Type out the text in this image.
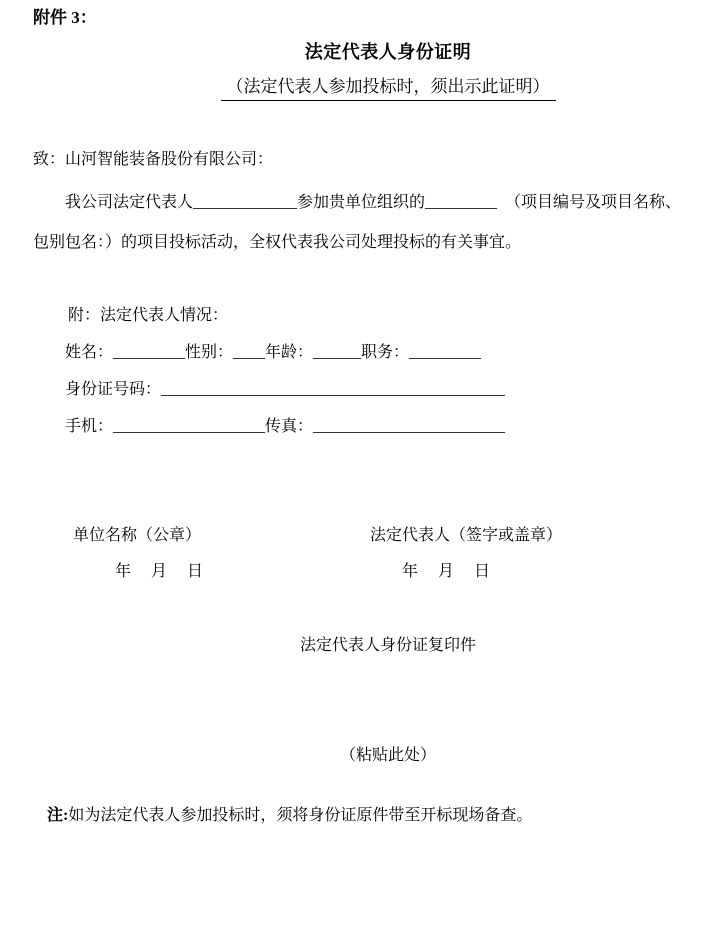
附件 3：
法定代表人身份证明
（法定代表人参加投标时，须出示此证明）
致：山河智能装备股份有限公司：
我公司法定代表人_____________参加贵单位组织的_________　（项目编号及项目名称、
包别包名：）的项目投标活动，全权代表我公司处理投标的有关事宜。
附：法定代表人情况：
姓名：_________性别：____年龄：______职务：_________
身份证号码：___________________________________________
手机：___________________传真：________________________
单位名称（公章）	法定代表人（签字或盖章）
年　 月　 日	年　 月　 日
法定代表人身份证复印件
（粘贴此处）
注:如为法定代表人参加投标时，须将身份证原件带至开标现场备查。
